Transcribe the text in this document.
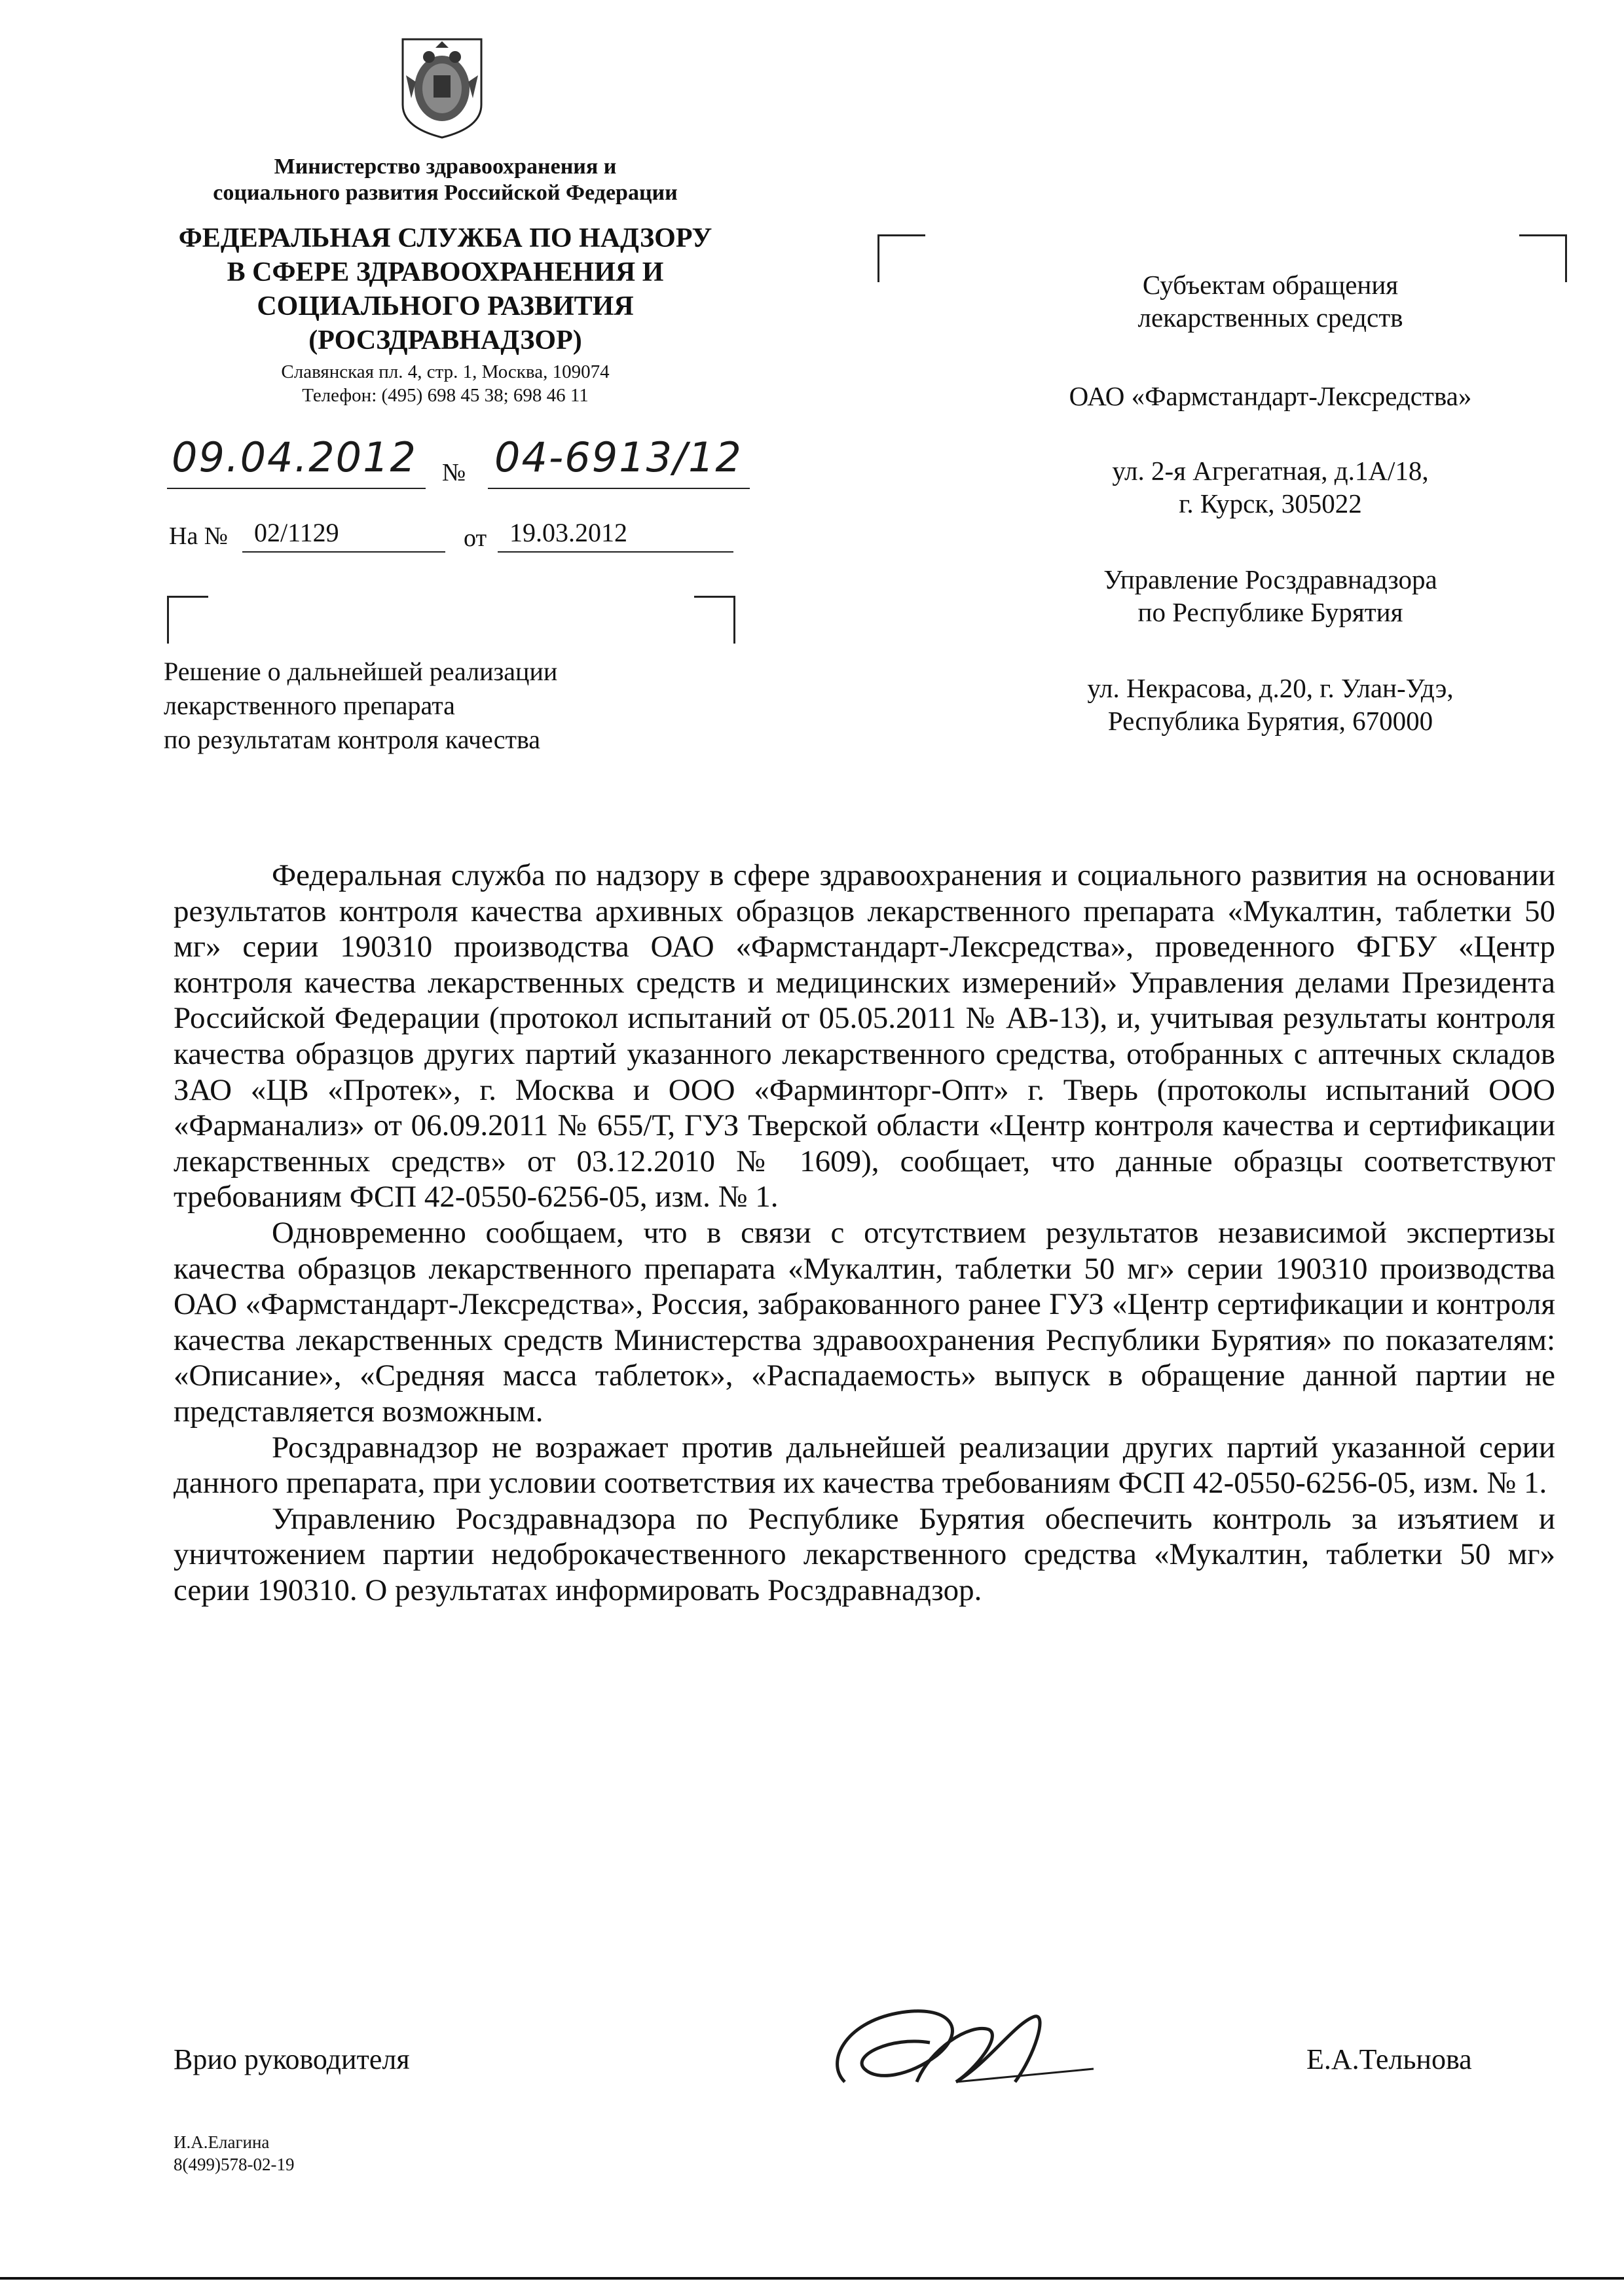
Министерство здравоохранения и
социального развития Российской Федерации
ФЕДЕРАЛЬНАЯ СЛУЖБА ПО НАДЗОРУ
В СФЕРЕ ЗДРАВООХРАНЕНИЯ И
СОЦИАЛЬНОГО РАЗВИТИЯ
(РОСЗДРАВНАДЗОР)
Славянская пл. 4, стр. 1, Москва, 109074
Телефон: (495) 698 45 38; 698 46 11
09.04.2012 № 04-6913/12
На № 02/1129	от 19.03.2012
Решение о дальнейшей реализации
лекарственного препарата
по результатам контроля качества

Субъектам обращения

лекарственных средств

ОАО «Фармстандарт-Лексредства»

ул. 2-я Агрегатная, д.1А/18,

г. Курск, 305022

Управление Росздравнадзора

по Республике Бурятия

ул. Некрасова, д.20, г. Улан-Удэ,

Республика Бурятия, 670000

Федеральная служба по надзору в сфере здравоохранения и социального развития на основании результатов контроля качества архивных образцов лекарственного препарата «Мукалтин, таблетки 50 мг» серии 190310 производства ОАО «Фармстандарт-Лексредства», проведенного ФГБУ «Центр контроля качества лекарственных средств и медицинских измерений» Управления делами Президента Российской Федерации (протокол испытаний от 05.05.2011 № АВ-13), и, учитывая результаты контроля качества образцов других партий указанного лекарственного средства, отобранных с аптечных складов ЗАО «ЦВ «Протек», г. Москва и ООО «Фарминторг-Опт» г. Тверь (протоколы испытаний ООО «Фарманализ» от 06.09.2011 № 655/Т, ГУЗ Тверской области «Центр контроля качества и сертификации лекарственных средств» от 03.12.2010 № 1609), сообщает, что данные образцы соответствуют требованиям ФСП 42-0550-6256-05, изм. № 1.

Одновременно сообщаем, что в связи с отсутствием результатов независимой экспертизы качества образцов лекарственного препарата «Мукалтин, таблетки 50 мг» серии 190310 производства ОАО «Фармстандарт-Лексредства», Россия, забракованного ранее ГУЗ «Центр сертификации и контроля качества лекарственных средств Министерства здравоохранения Республики Бурятия» по показателям: «Описание», «Средняя масса таблеток», «Распадаемость» выпуск в обращение данной партии не представляется возможным.

Росздравнадзор не возражает против дальнейшей реализации других партий указанной серии данного препарата, при условии соответствия их качества требованиям ФСП 42-0550-6256-05, изм. № 1.

Управлению Росздравнадзора по Республике Бурятия обеспечить контроль за изъятием и уничтожением партии недоброкачественного лекарственного средства «Мукалтин, таблетки 50 мг» серии 190310. О результатах информировать Росздравнадзор.

Врио руководителя	Е.А.Тельнова
И.А.Елагина
8(499)578-02-19
